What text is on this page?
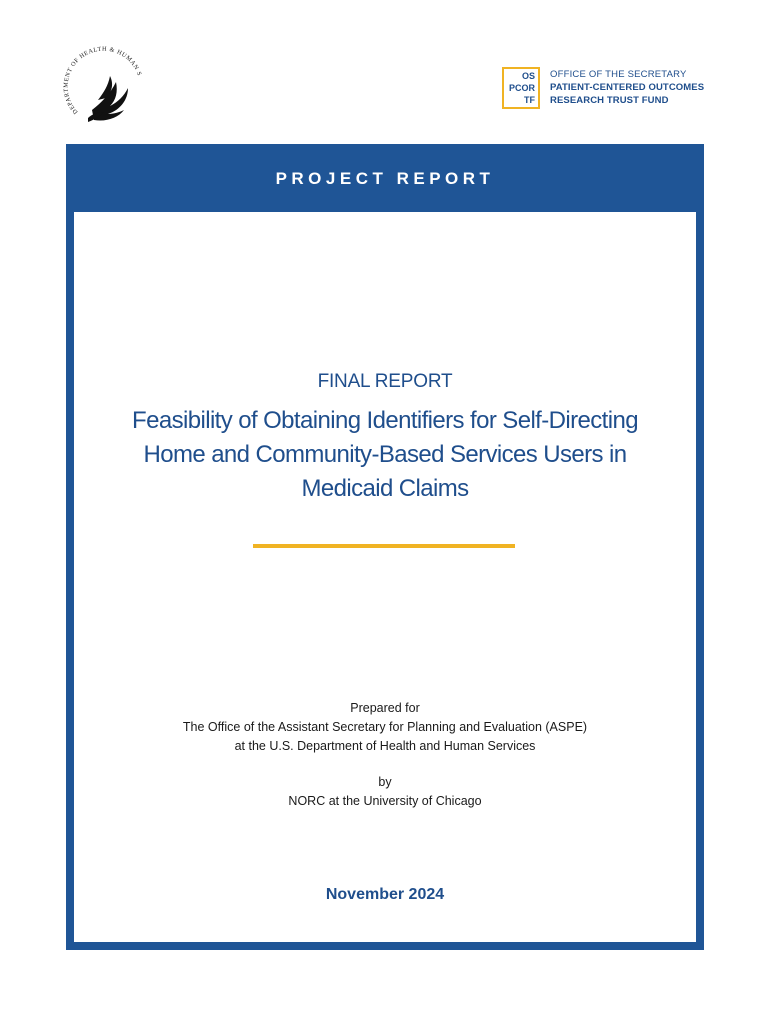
DEPARTMENT OF HEALTH & HUMAN S	OS
PCOR
TF
OFFICE OF THE SECRETARY
PATIENT-CENTERED OUTCOMES
RESEARCH TRUST FUND
PROJECT REPORT
FINAL REPORT
Feasibility of Obtaining Identifiers for Self-Directing
Home and Community-Based Services Users in
Medicaid Claims
Prepared for
The Office of the Assistant Secretary for Planning and Evaluation (ASPE)
at the U.S. Department of Health and Human Services
by
NORC at the University of Chicago
November 2024
